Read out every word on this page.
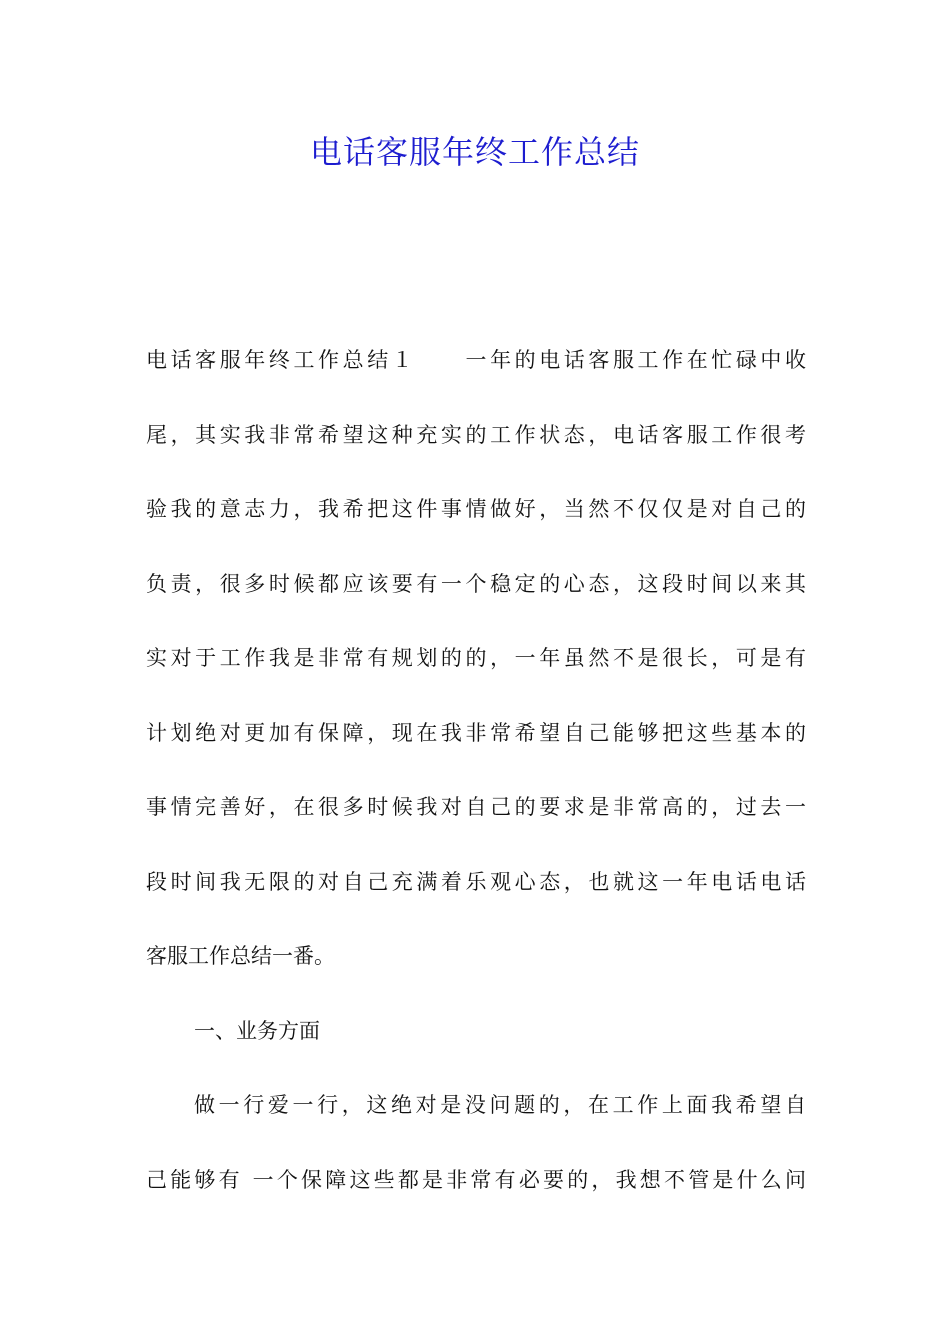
电话客服年终工作总结
电话客服年终工作总结１　　一年的电话客服工作在忙碌中收
尾，其实我非常希望这种充实的工作状态，电话客服工作很考
验我的意志力，我希把这件事情做好，当然不仅仅是对自己的
负责，很多时候都应该要有一个稳定的心态，这段时间以来其
实对于工作我是非常有规划的的，一年虽然不是很长，可是有
计划绝对更加有保障，现在我非常希望自己能够把这些基本的
事情完善好，在很多时候我对自己的要求是非常高的，过去一
段时间我无限的对自己充满着乐观心态，也就这一年电话电话
客服工作总结一番。
一、业务方面
做一行爱一行，这绝对是没问题的，在工作上面我希望自
己能够有 一个保障这些都是非常有必要的，我想不管是什么问
